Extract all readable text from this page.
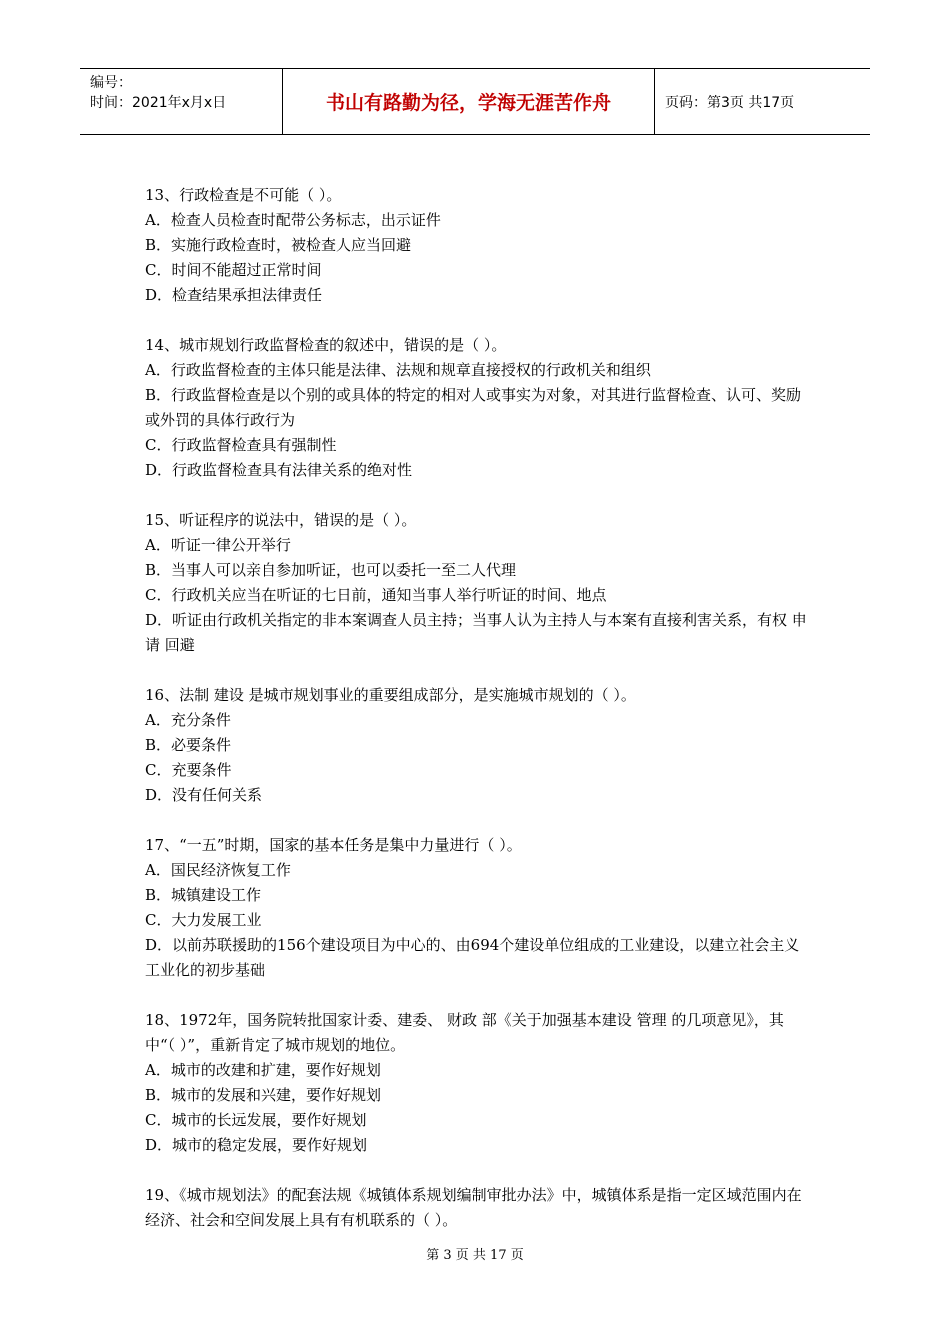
编号：
时间：2021年x月x日	书山有路勤为径，学海无涯苦作舟	页码：第3页 共17页

13、行政检查是不可能（ ）。

A．检查人员检查时配带公务标志，出示证件

B．实施行政检查时，被检查人应当回避

C．时间不能超过正常时间

D．检查结果承担法律责任

14、城市规划行政监督检查的叙述中，错误的是（ ）。

A．行政监督检查的主体只能是法律、法规和规章直接授权的行政机关和组织

B．行政监督检查是以个别的或具体的特定的相对人或事实为对象，对其进行监督检查、认可、奖励或外罚的具体行政行为

C．行政监督检查具有强制性

D．行政监督检查具有法律关系的绝对性

15、听证程序的说法中，错误的是（ ）。

A．听证一律公开举行

B．当事人可以亲自参加听证，也可以委托一至二人代理

C．行政机关应当在听证的七日前，通知当事人举行听证的时间、地点

D．听证由行政机关指定的非本案调查人员主持；当事人认为主持人与本案有直接利害关系，有权 申请 回避

16、法制 建设 是城市规划事业的重要组成部分，是实施城市规划的（ ）。

A．充分条件

B．必要条件

C．充要条件

D．没有任何关系

17、“一五”时期，国家的基本任务是集中力量进行（ ）。

A．国民经济恢复工作

B．城镇建设工作

C．大力发展工业

D．以前苏联援助的156个建设项目为中心的、由694个建设单位组成的工业建设，以建立社会主义工业化的初步基础

18、1972年，国务院转批国家计委、建委、 财政 部《关于加强基本建设 管理 的几项意见》，其中“（ ）”，重新肯定了城市规划的地位。

A．城市的改建和扩建，要作好规划

B．城市的发展和兴建，要作好规划

C．城市的长远发展，要作好规划

D．城市的稳定发展，要作好规划

19、《城市规划法》的配套法规《城镇体系规划编制审批办法》中，城镇体系是指一定区域范围内在经济、社会和空间发展上具有有机联系的（ ）。

第 3 页 共 17 页
